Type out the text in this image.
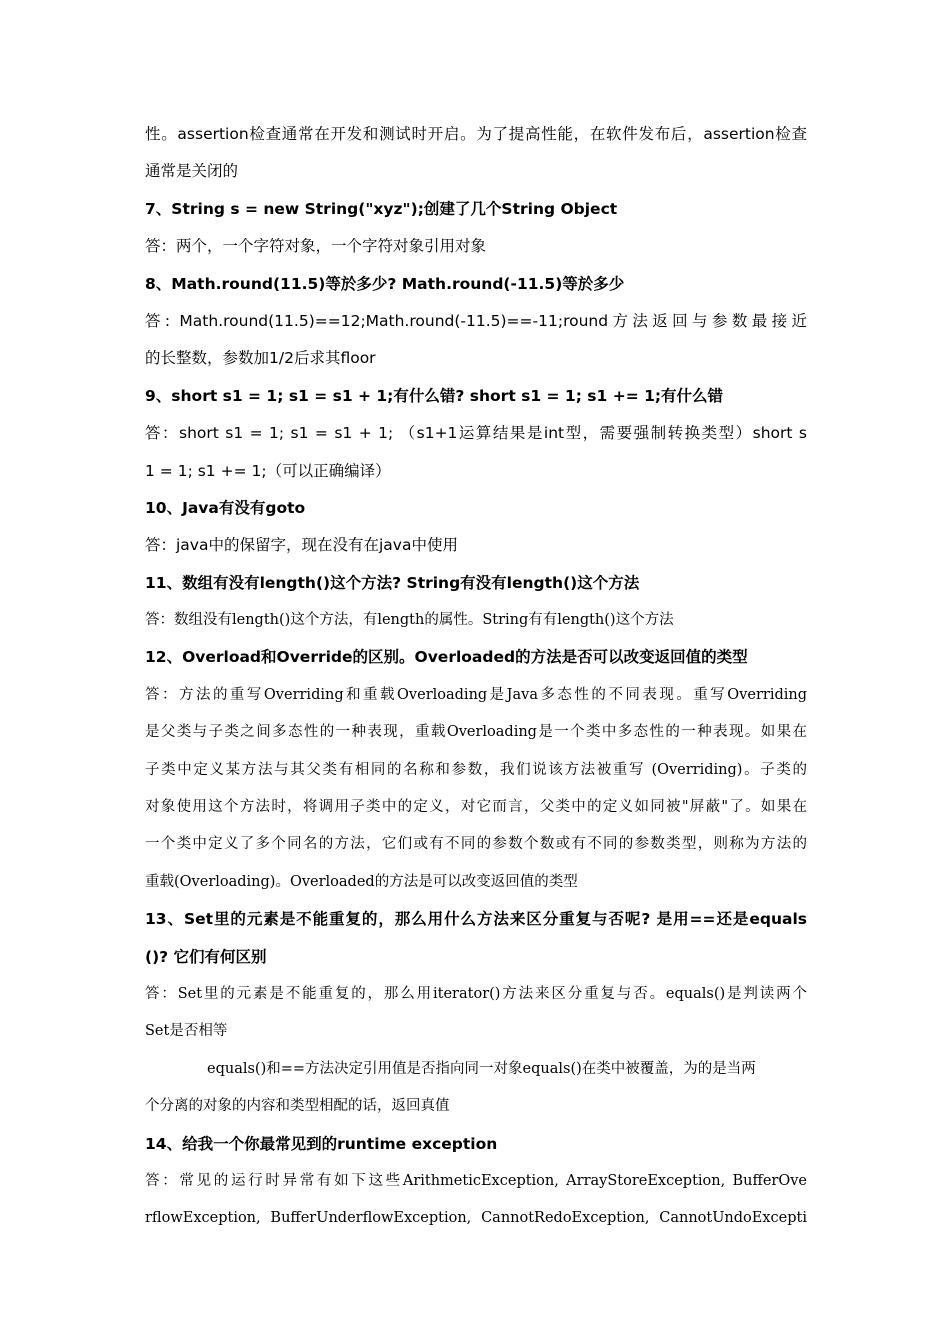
性。assertion检查通常在开发和测试时开启。为了提高性能，在软件发布后，assertion检查
通常是关闭的
7、String s = new String("xyz");创建了几个String Object
答：两个，一个字符对象，一个字符对象引用对象
8、Math.round(11.5)等於多少? Math.round(-11.5)等於多少
答: Math.round(11.5)==12;Math.round(-11.5)==-11;round方法返回与参数最接近
的长整数，参数加1/2后求其floor
9、short s1 = 1; s1 = s1 + 1;有什么错? short s1 = 1; s1 += 1;有什么错
答：short s1 = 1; s1 = s1 + 1; （s1+1运算结果是int型，需要强制转换类型）short s
1 = 1; s1 += 1;（可以正确编译）
10、Java有没有goto
答：java中的保留字，现在没有在java中使用
11、数组有没有length()这个方法? String有没有length()这个方法
答：数组没有length()这个方法，有length的属性。String有有length()这个方法
12、Overload和Override的区别。Overloaded的方法是否可以改变返回值的类型
答：方法的重写Overriding和重载Overloading是Java多态性的不同表现。重写Overriding
是父类与子类之间多态性的一种表现，重载Overloading是一个类中多态性的一种表现。如果在
子类中定义某方法与其父类有相同的名称和参数，我们说该方法被重写 (Overriding)。子类的
对象使用这个方法时，将调用子类中的定义，对它而言，父类中的定义如同被"屏蔽"了。如果在
一个类中定义了多个同名的方法，它们或有不同的参数个数或有不同的参数类型，则称为方法的
重载(Overloading)。Overloaded的方法是可以改变返回值的类型
13、Set里的元素是不能重复的，那么用什么方法来区分重复与否呢? 是用==还是equals
()? 它们有何区别
答：Set里的元素是不能重复的，那么用iterator()方法来区分重复与否。equals()是判读两个
Set是否相等
equals()和==方法决定引用值是否指向同一对象equals()在类中被覆盖，为的是当两
个分离的对象的内容和类型相配的话，返回真值
14、给我一个你最常见到的runtime exception
答：常见的运行时异常有如下这些ArithmeticException, ArrayStoreException, BufferOve
rflowException, BufferUnderflowException, CannotRedoException, CannotUndoExcepti
